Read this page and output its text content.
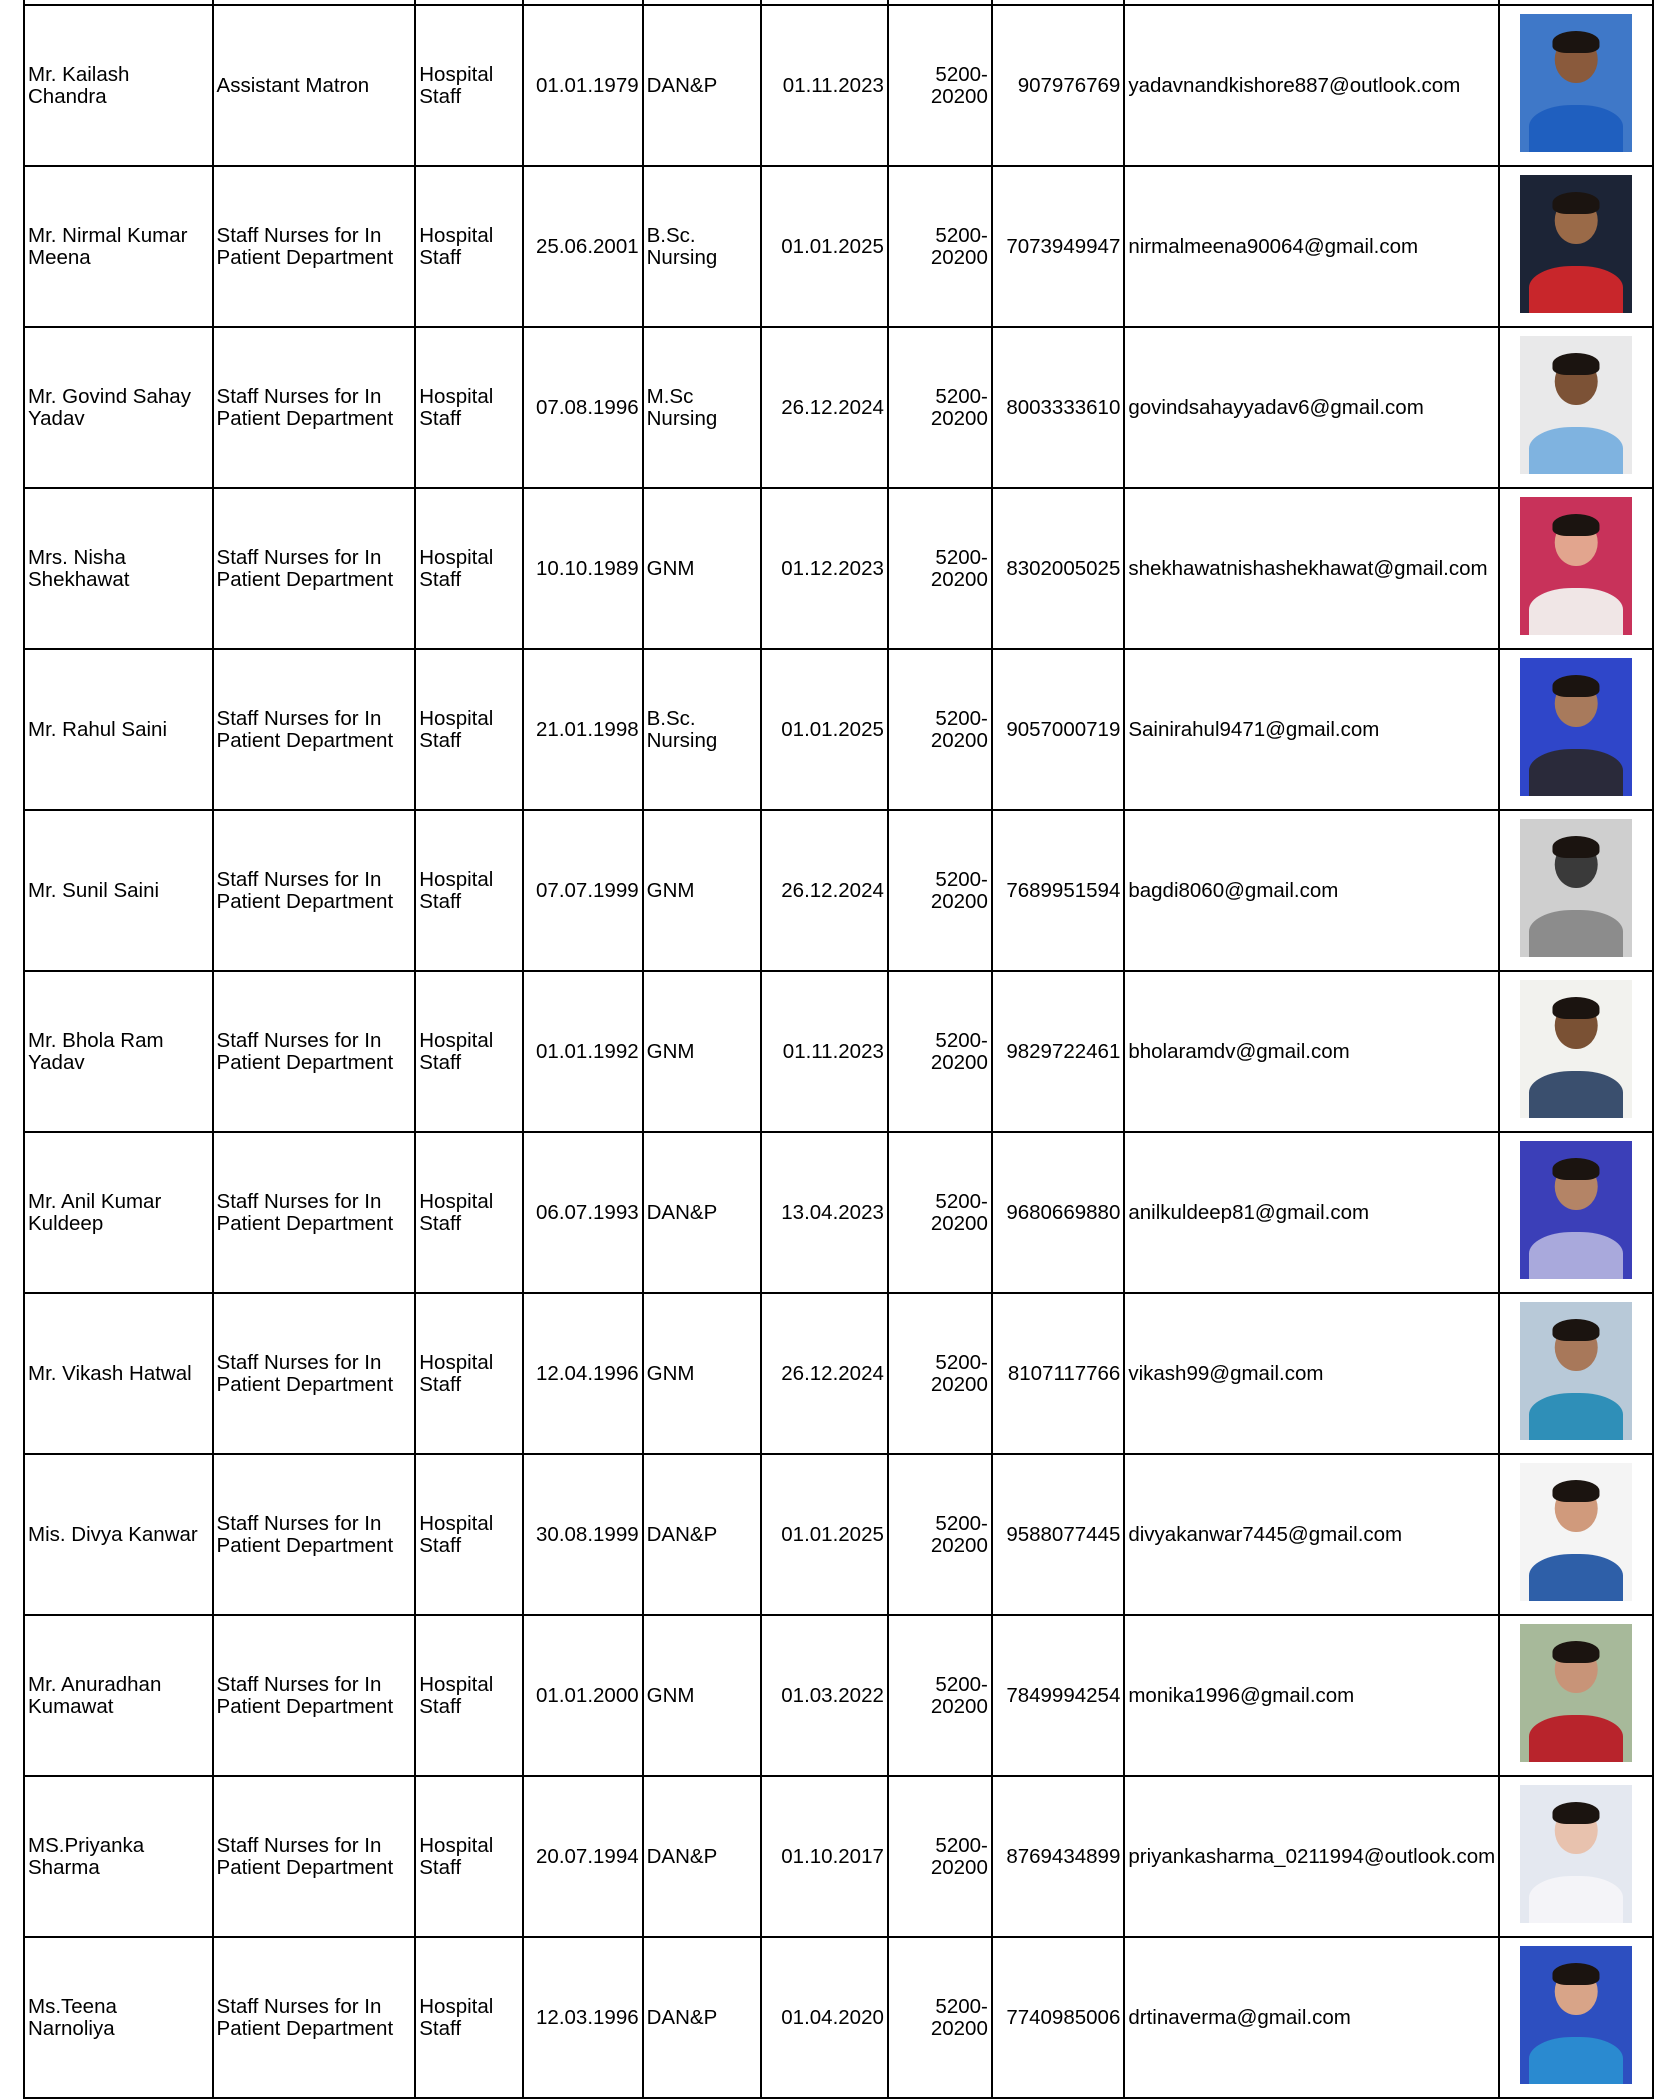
Mr. Kailash Chandra	Assistant Matron	Hospital Staff	01.01.1979	DAN&P	01.11.2023	5200-20200	907976769	yadavnandkishore887@outlook.com	

Mr. Nirmal Kumar Meena	Staff Nurses for In Patient Department	Hospital Staff	25.06.2001	B.Sc. Nursing	01.01.2025	5200-20200	7073949947	nirmalmeena90064@gmail.com	

Mr. Govind Sahay Yadav	Staff Nurses for In Patient Department	Hospital Staff	07.08.1996	M.Sc Nursing	26.12.2024	5200-20200	8003333610	govindsahayyadav6@gmail.com	

Mrs. Nisha Shekhawat	Staff Nurses for In Patient Department	Hospital Staff	10.10.1989	GNM	01.12.2023	5200-20200	8302005025	shekhawatnishashekhawat@gmail.com	

Mr. Rahul Saini	Staff Nurses for In Patient Department	Hospital Staff	21.01.1998	B.Sc. Nursing	01.01.2025	5200-20200	9057000719	Sainirahul9471@gmail.com	

Mr. Sunil Saini	Staff Nurses for In Patient Department	Hospital Staff	07.07.1999	GNM	26.12.2024	5200-20200	7689951594	bagdi8060@gmail.com	

Mr. Bhola Ram Yadav	Staff Nurses for In Patient Department	Hospital Staff	01.01.1992	GNM	01.11.2023	5200-20200	9829722461	bholaramdv@gmail.com	

Mr. Anil Kumar Kuldeep	Staff Nurses for In Patient Department	Hospital Staff	06.07.1993	DAN&P	13.04.2023	5200-20200	9680669880	anilkuldeep81@gmail.com	

Mr. Vikash Hatwal	Staff Nurses for In Patient Department	Hospital Staff	12.04.1996	GNM	26.12.2024	5200-20200	8107117766	vikash99@gmail.com	

Mis. Divya Kanwar	Staff Nurses for In Patient Department	Hospital Staff	30.08.1999	DAN&P	01.01.2025	5200-20200	9588077445	divyakanwar7445@gmail.com	

Mr. Anuradhan Kumawat	Staff Nurses for In Patient Department	Hospital Staff	01.01.2000	GNM	01.03.2022	5200-20200	7849994254	monika1996@gmail.com	

MS.Priyanka Sharma	Staff Nurses for In Patient Department	Hospital Staff	20.07.1994	DAN&P	01.10.2017	5200-20200	8769434899	priyankasharma_0211994@outlook.com	

Ms.Teena Narnoliya	Staff Nurses for In Patient Department	Hospital Staff	12.03.1996	DAN&P	01.04.2020	5200-20200	7740985006	drtinaverma@gmail.com	
